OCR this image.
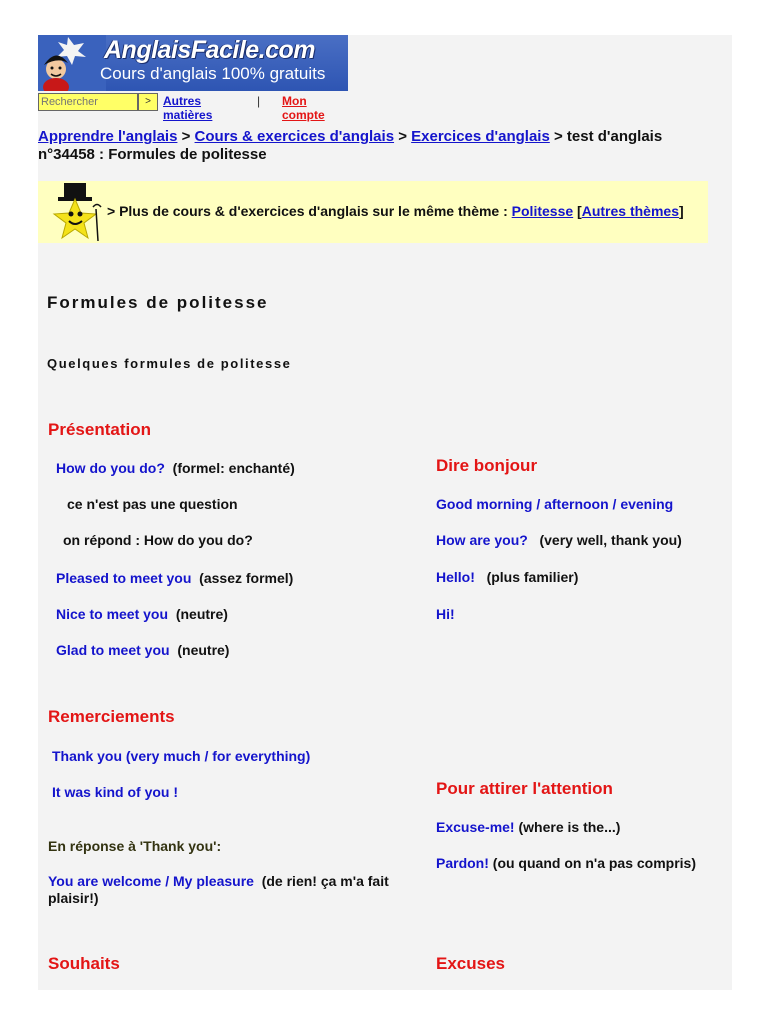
AnglaisFacile.com
Cours d'anglais 100% gratuits
Rechercher
>	Autres matières
| Mon compte
Apprendre l'anglais > Cours & exercices d'anglais > Exercices d'anglais > test d'anglais n°34458 : Formules de politesse
> Plus de cours & d'exercices d'anglais sur le même thème : Politesse [Autres thèmes]
Formules de politesse
Quelques formules de politesse
Présentation
How do you do? (formel: enchanté)
ce n'est pas une question
on répond : How do you do?
Pleased to meet you (assez formel)
Nice to meet you (neutre)
Glad to meet you (neutre)
Remerciements
Thank you (very much / for everything)
It was kind of you !
En réponse à 'Thank you':
You are welcome / My pleasure (de rien! ça m'a fait
plaisir!)
Souhaits
Dire bonjour
Good morning / afternoon / evening
How are you? (very well, thank you)
Hello! (plus familier)
Hi!
Pour attirer l'attention
Excuse-me! (where is the...)
Pardon! (ou quand on n'a pas compris)
Excuses
